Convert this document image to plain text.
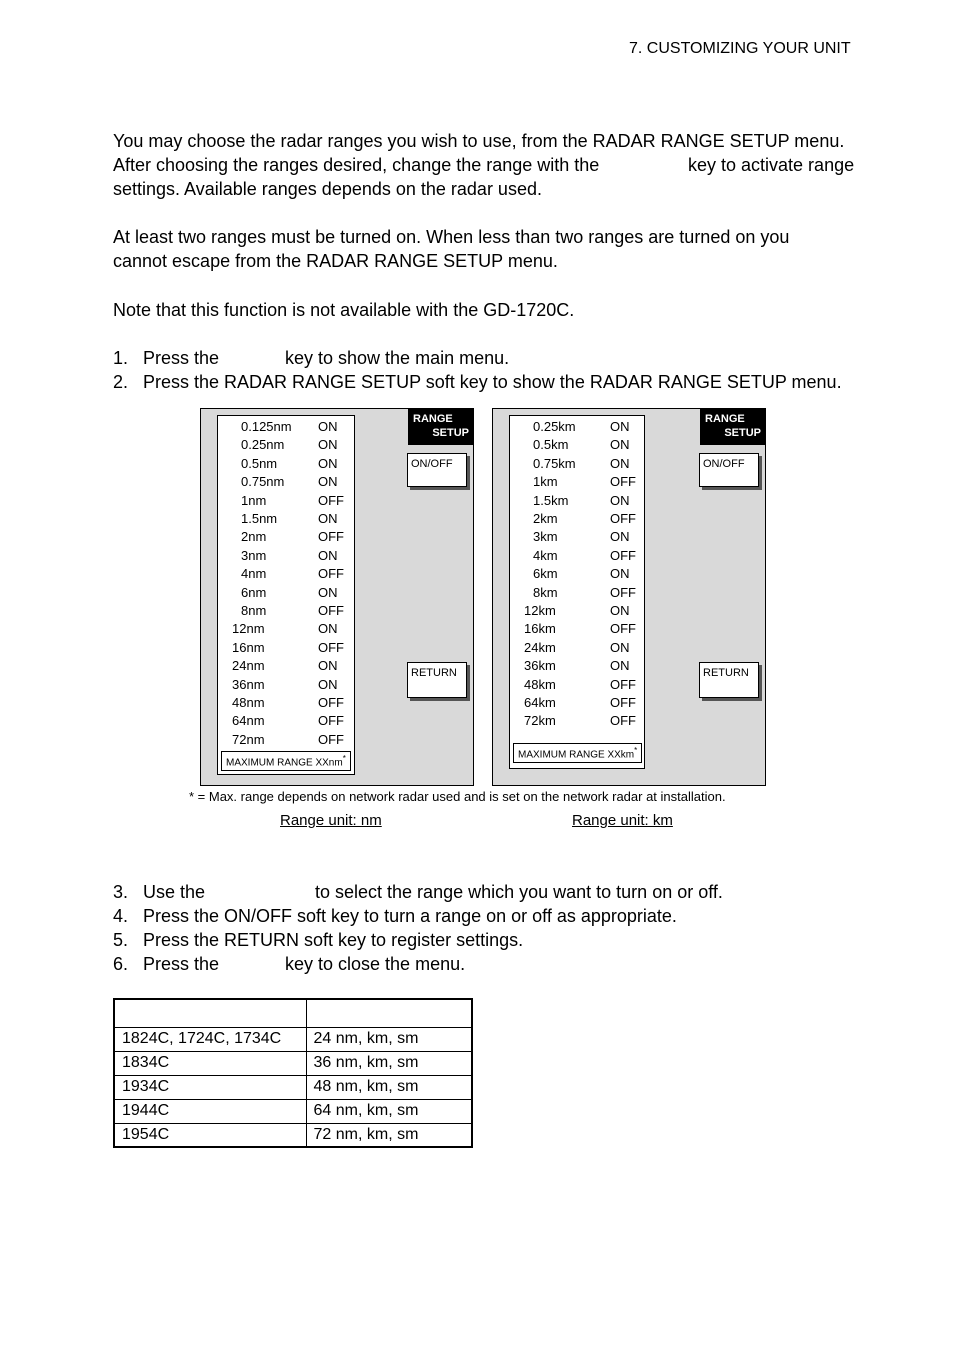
7. CUSTOMIZING YOUR UNIT
You may choose the radar ranges you wish to use, from the RADAR RANGE SETUP menu.
After choosing the ranges desired, change the range with the	key to activate range
settings. Available ranges depends on the radar used.
At least two ranges must be turned on. When less than two ranges are turned on you
cannot escape from the RADAR RANGE SETUP menu.
Note that this function is not available with the GD-1720C.
1. Press the	key to show the main menu.
2. Press the RADAR RANGE SETUP soft key to show the RADAR RANGE SETUP menu.
0.125nm ON
0.25nm	ON
0.5nm	ON
0.75nm	ON
1nm	OFF
1.5nm	ON
2nm	OFF
3nm	ON
4nm	OFF
6nm	ON
8nm	OFF
12nm	ON
16nm	OFF
24nm	ON
36nm	ON
48nm	OFF
64nm	OFF
72nm	OFF
MAXIMUM RANGE XXnm*
RANGE
SETUP
ON/OFF
RETURN
0.25km	ON
0.5km	ON
0.75km	ON
1km	OFF
1.5km	ON
2km	OFF
3km	ON
4km	OFF
6km	ON
8km	OFF
12km	ON
16km	OFF
24km	ON
36km	ON
48km	OFF
64km	OFF
72km	OFF
MAXIMUM RANGE XXkm*
RANGE
SETUP
ON/OFF
RETURN
* = Max. range depends on network radar used and is set on the network radar at installation.
Range unit: nm	Range unit: km
3. Use the	to select the range which you want to turn on or off.
4. Press the ON/OFF soft key to turn a range on or off as appropriate.
5. Press the RETURN soft key to register settings.
6. Press the	key to close the menu.

1824C, 1724C, 1734C	24 nm, km, sm
1834C	36 nm, km, sm
1934C	48 nm, km, sm
1944C	64 nm, km, sm
1954C	72 nm, km, sm
